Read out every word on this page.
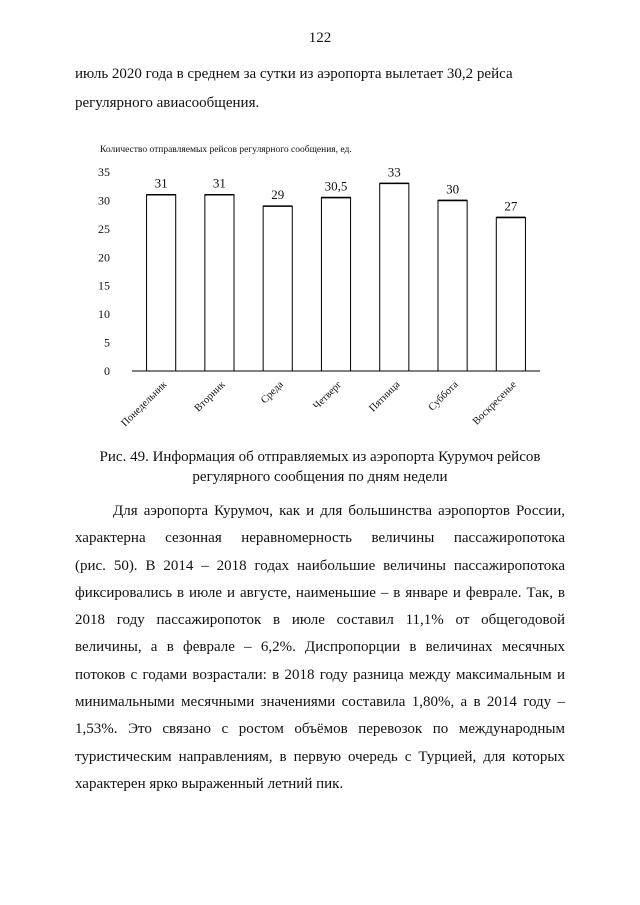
122
июль 2020 года в среднем за сутки из аэропорта вылетает 30,2 рейса
регулярного авиасообщения.
Количество отправляемых рейсов регулярного сообщения, ед.
0
5
10
15
20
25
30
35
31
Понедельник
31
Вторник
29
Среда
30,5
Четверг
33
Пятница
30
Суббота
27
Воскресенье
Рис. 49. Информация об отправляемых из аэропорта Курумоч рейсов
регулярного сообщения по дням недели
Для аэропорта Курумоч, как и для большинства аэропортов России,
характерна сезонная неравномерность величины пассажиропотока
(рис. 50). В 2014 – 2018 годах наибольшие величины пассажиропотока
фиксировались в июле и августе, наименьшие – в январе и феврале. Так, в
2018 году пассажиропоток в июле составил 11,1% от общегодовой
величины, а в феврале – 6,2%. Диспропорции в величинах месячных
потоков с годами возрастали: в 2018 году разница между максимальным и
минимальными месячными значениями составила 1,80%, а в 2014 году –
1,53%. Это связано с ростом объёмов перевозок по международным
туристическим направлениям, в первую очередь с Турцией, для которых
характерен ярко выраженный летний пик.
